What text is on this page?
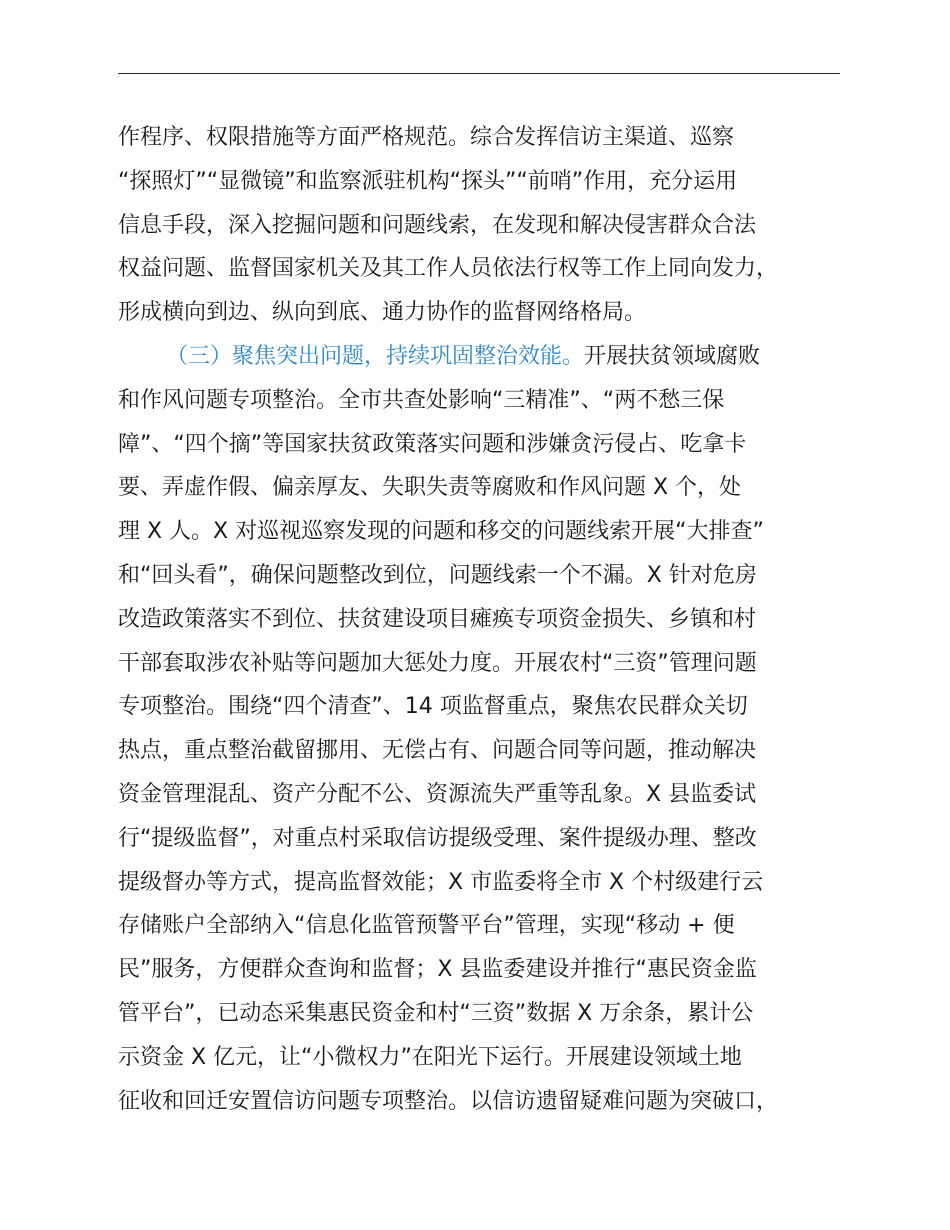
作程序、权限措施等方面严格规范。综合发挥信访主渠道、巡察
“探照灯”“显微镜”和监察派驻机构“探头”“前哨”作用，充分运用
信息手段，深入挖掘问题和问题线索，在发现和解决侵害群众合法
权益问题、监督国家机关及其工作人员依法行权等工作上同向发力，
形成横向到边、纵向到底、通力协作的监督网络格局。
（三）聚焦突出问题，持续巩固整治效能。开展扶贫领域腐败
和作风问题专项整治。全市共查处影响“三精准”、“两不愁三保
障”、“四个摘”等国家扶贫政策落实问题和涉嫌贪污侵占、吃拿卡
要、弄虚作假、偏亲厚友、失职失责等腐败和作风问题 X 个，处
理 X 人。X 对巡视巡察发现的问题和移交的问题线索开展“大排查”
和“回头看”，确保问题整改到位，问题线索一个不漏。X 针对危房
改造政策落实不到位、扶贫建设项目瘫痪专项资金损失、乡镇和村
干部套取涉农补贴等问题加大惩处力度。开展农村“三资”管理问题
专项整治。围绕“四个清查”、14 项监督重点，聚焦农民群众关切
热点，重点整治截留挪用、无偿占有、问题合同等问题，推动解决
资金管理混乱、资产分配不公、资源流失严重等乱象。X 县监委试
行“提级监督”，对重点村采取信访提级受理、案件提级办理、整改
提级督办等方式，提高监督效能；X 市监委将全市 X 个村级建行云
存储账户全部纳入“信息化监管预警平台”管理，实现“移动 + 便
民”服务，方便群众查询和监督；X 县监委建设并推行“惠民资金监
管平台”，已动态采集惠民资金和村“三资”数据 X 万余条，累计公
示资金 X 亿元，让“小微权力”在阳光下运行。开展建设领域土地
征收和回迁安置信访问题专项整治。以信访遗留疑难问题为突破口，
